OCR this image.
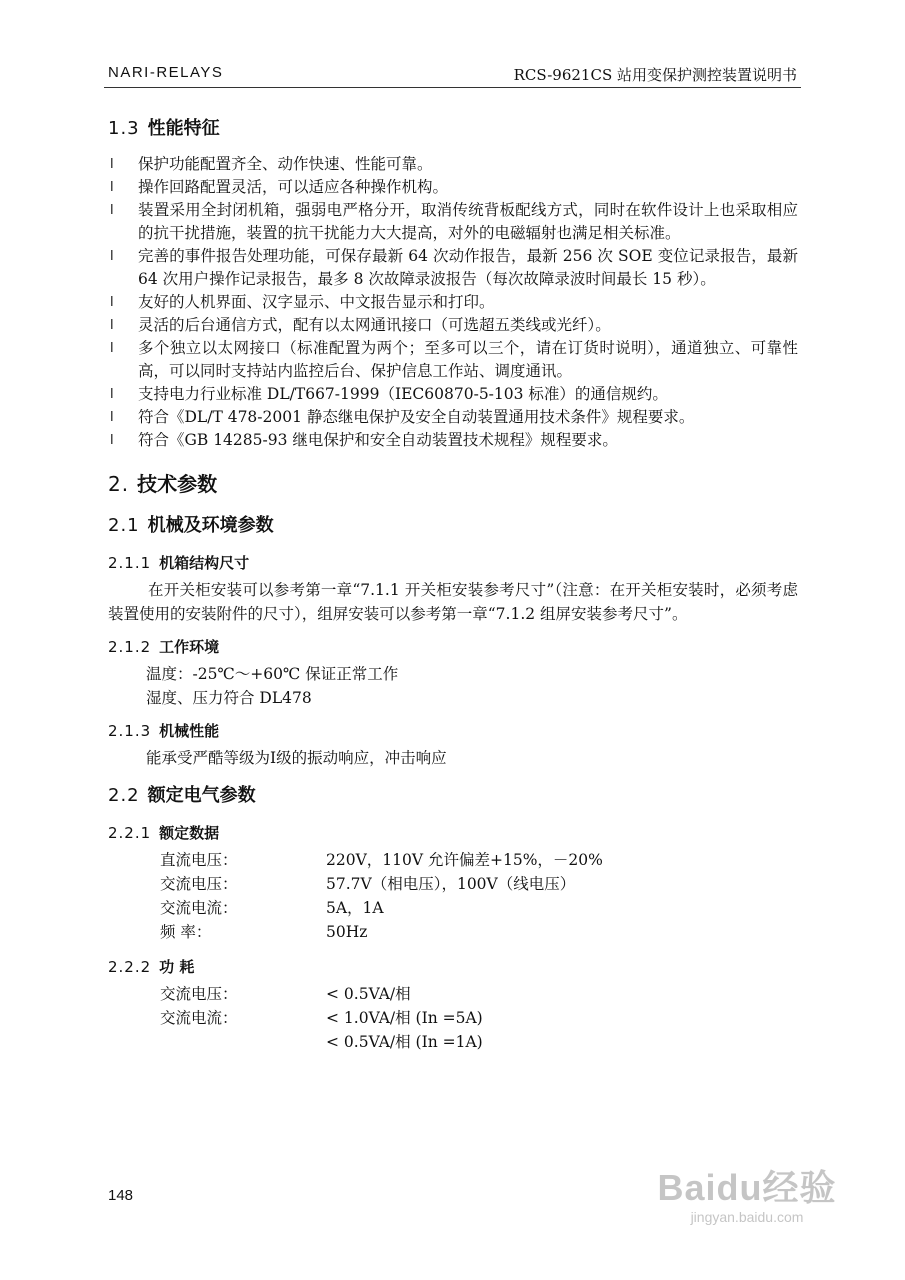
NARI-RELAYS	RCS-9621CS 站用变保护测控装置说明书
1.3 性能特征
l 保护功能配置齐全、动作快速、性能可靠。
l 操作回路配置灵活，可以适应各种操作机构。
l 装置采用全封闭机箱，强弱电严格分开，取消传统背板配线方式，同时在软件设计上也采取相应的抗干扰措施，装置的抗干扰能力大大提高，对外的电磁辐射也满足相关标准。
l 完善的事件报告处理功能，可保存最新 64 次动作报告，最新 256 次 SOE 变位记录报告，最新 64 次用户操作记录报告，最多 8 次故障录波报告（每次故障录波时间最长 15 秒）。
l 友好的人机界面、汉字显示、中文报告显示和打印。
l 灵活的后台通信方式，配有以太网通讯接口（可选超五类线或光纤）。
l 多个独立以太网接口（标准配置为两个；至多可以三个，请在订货时说明），通道独立、可靠性高，可以同时支持站内监控后台、保护信息工作站、调度通讯。
l 支持电力行业标准 DL/T667-1999（IEC60870-5-103 标准）的通信规约。
l 符合《DL/T 478-2001 静态继电保护及安全自动装置通用技术条件》规程要求。
l 符合《GB 14285-93 继电保护和安全自动装置技术规程》规程要求。
2. 技术参数
2.1 机械及环境参数
2.1.1 机箱结构尺寸

在开关柜安装可以参考第一章“7.1.1 开关柜安装参考尺寸”（注意：在开关柜安装时，必须考虑装置使用的安装附件的尺寸），组屏安装可以参考第一章“7.1.2 组屏安装参考尺寸”。

2.1.2 工作环境
温度：-25℃～+60℃ 保证正常工作
湿度、压力符合 DL478
2.1.3 机械性能
能承受严酷等级为Ⅰ级的振动响应，冲击响应
2.2 额定电气参数
2.2.1 额定数据
直流电压：	220V，110V 允许偏差+15%，－20%
交流电压：	57.7V（相电压），100V（线电压）
交流电流：	5A，1A
频 率：	50Hz
2.2.2 功 耗
交流电压：	< 0.5VA/相
交流电流：	< 1.0VA/相 (In =5A)
< 0.5VA/相 (In =1A)
148	Baidu经验
jingyan.baidu.com
